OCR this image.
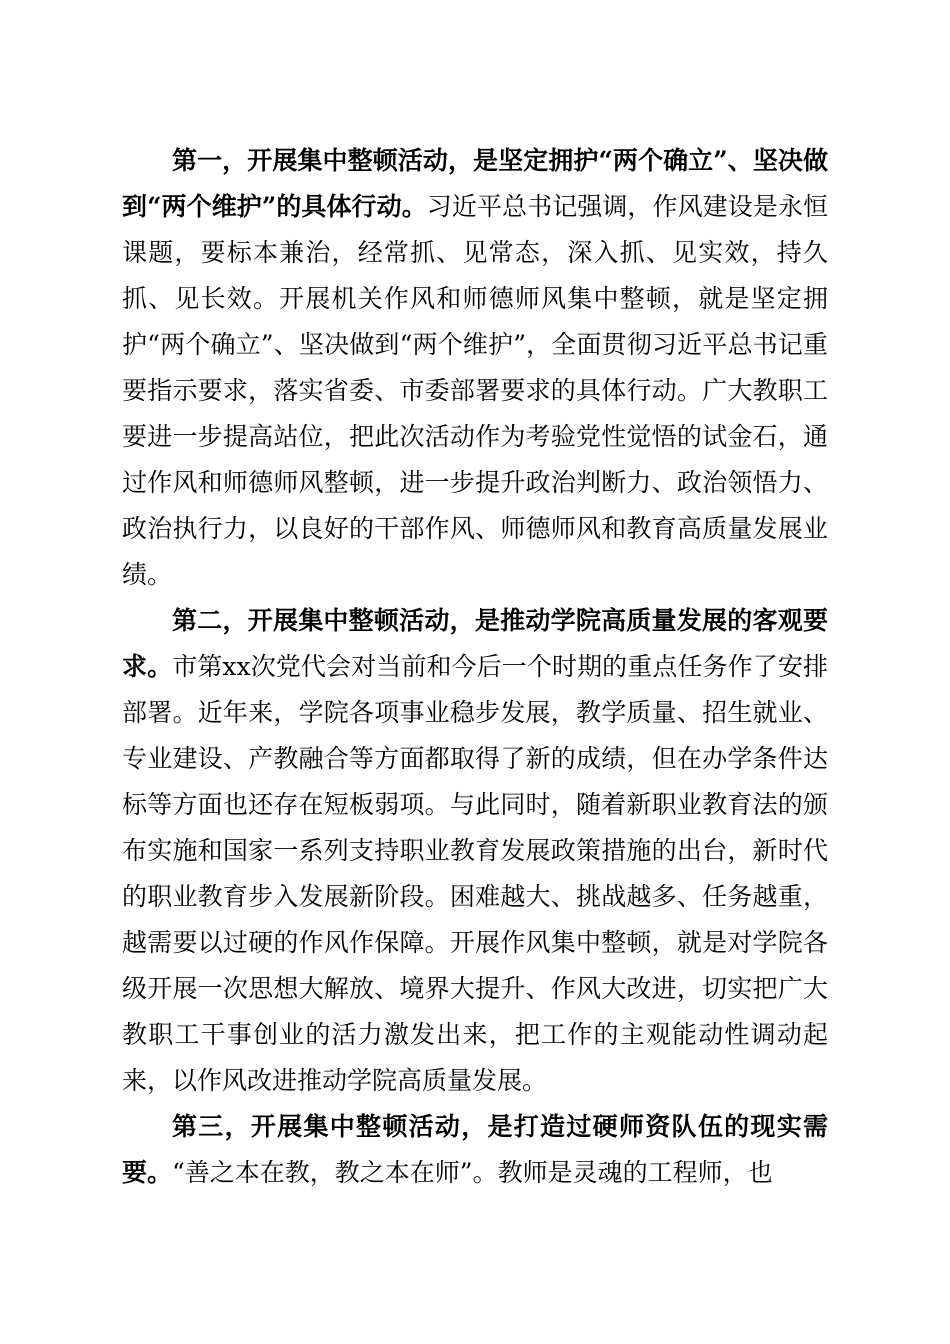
第一，开展集中整顿活动，是坚定拥护“两个确立”、坚决做到“两个维护”的具体行动。习近平总书记强调，作风建设是永恒课题，要标本兼治，经常抓、见常态，深入抓、见实效，持久抓、见长效。开展机关作风和师德师风集中整顿，就是坚定拥护“两个确立”、坚决做到“两个维护”，全面贯彻习近平总书记重要指示要求，落实省委、市委部署要求的具体行动。广大教职工要进一步提高站位，把此次活动作为考验党性觉悟的试金石，通过作风和师德师风整顿，进一步提升政治判断力、政治领悟力、政治执行力，以良好的干部作风、师德师风和教育高质量发展业绩。

第二，开展集中整顿活动，是推动学院高质量发展的客观要求。市第xx次党代会对当前和今后一个时期的重点任务作了安排部署。近年来，学院各项事业稳步发展，教学质量、招生就业、专业建设、产教融合等方面都取得了新的成绩，但在办学条件达标等方面也还存在短板弱项。与此同时，随着新职业教育法的颁布实施和国家一系列支持职业教育发展政策措施的出台，新时代的职业教育步入发展新阶段。困难越大、挑战越多、任务越重，越需要以过硬的作风作保障。开展作风集中整顿，就是对学院各级开展一次思想大解放、境界大提升、作风大改进，切实把广大教职工干事创业的活力激发出来，把工作的主观能动性调动起来，以作风改进推动学院高质量发展。

第三，开展集中整顿活动，是打造过硬师资队伍的现实需要。“善之本在教，教之本在师”。教师是灵魂的工程师，也
